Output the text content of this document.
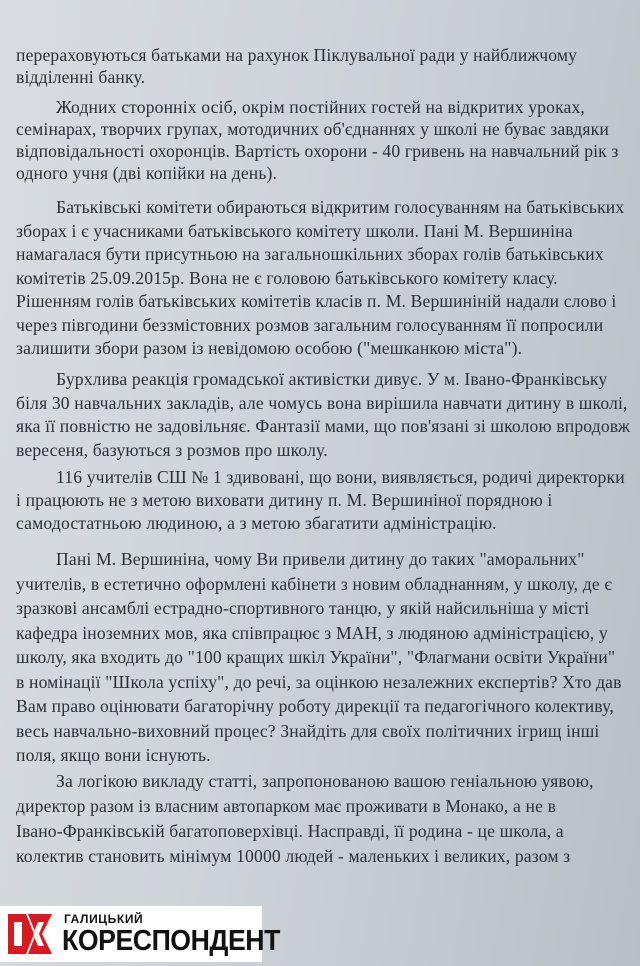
перераховуються батьками на рахунок Піклувальної ради у найближчому
відділенні банку.
Жодних сторонніх осіб, окрім постійних гостей на відкритих уроках,
семінарах, творчих групах, мотодичних об'єднаннях у школі не буває завдяки
відповідальності охоронців. Вартість охорони - 40 гривень на навчальний рік з
одного учня (дві копійки на день).
Батьківські комітети обираються відкритим голосуванням на батьківських
зборах і є учасниками батьківського комітету школи. Пані М. Вершиніна
намагалася бути присутньою на загальношкільних зборах голів батьківських
комітетів 25.09.2015р. Вона не є головою батьківського комітету класу.
Рішенням голів батьківських комітетів класів п. М. Вершиніній надали слово і
через півгодини беззмістовних розмов загальним голосуванням її попросили
залишити збори разом із невідомою особою ("мешканкою міста").
Бурхлива реакція громадської активістки дивує. У м. Івано-Франківську
біля 30 навчальних закладів, але чомусь вона вирішила навчати дитину в школі,
яка її повністю не задовільняє. Фантазії мами, що пов'язані зі школою впродовж
вересеня, базуються з розмов про школу.
116 учителів СШ № 1 здивовані, що вони, виявляється, родичі директорки
і працюють не з метою виховати дитину п. М. Вершиніної порядною і
самодостатньою людиною, а з метою збагатити адміністрацію.
Пані М. Вершиніна, чому Ви привели дитину до таких "аморальних"
учителів, в естетично оформлені кабінети з новим обладнанням, у школу, де є
зразкові ансамблі естрадно-спортивного танцю, у якій найсильніша у місті
кафедра іноземних мов, яка співпрацює з МАН, з людяною адміністрацією, у
школу, яка входить до "100 кращих шкіл України", "Флагмани освіти України"
в номінації "Школа успіху", до речі, за оцінкою незалежних експертів? Хто дав
Вам право оцінювати багаторічну роботу дирекції та педагогічного колективу,
весь навчально-виховний процес? Знайдіть для своїх політичних ігрищ інші
поля, якщо вони існують.
За логікою викладу статті, запропонованою вашою геніальною уявою,
директор разом із власним автопарком має проживати в Монако, а не в
Івано-Франківській багатоповерхівці. Насправді, її родина - це школа, а
колектив становить мінімум 10000 людей - маленьких і великих, разом з
ГАЛИЦЬКИЙ
КОРЕСПОНДЕНТ
